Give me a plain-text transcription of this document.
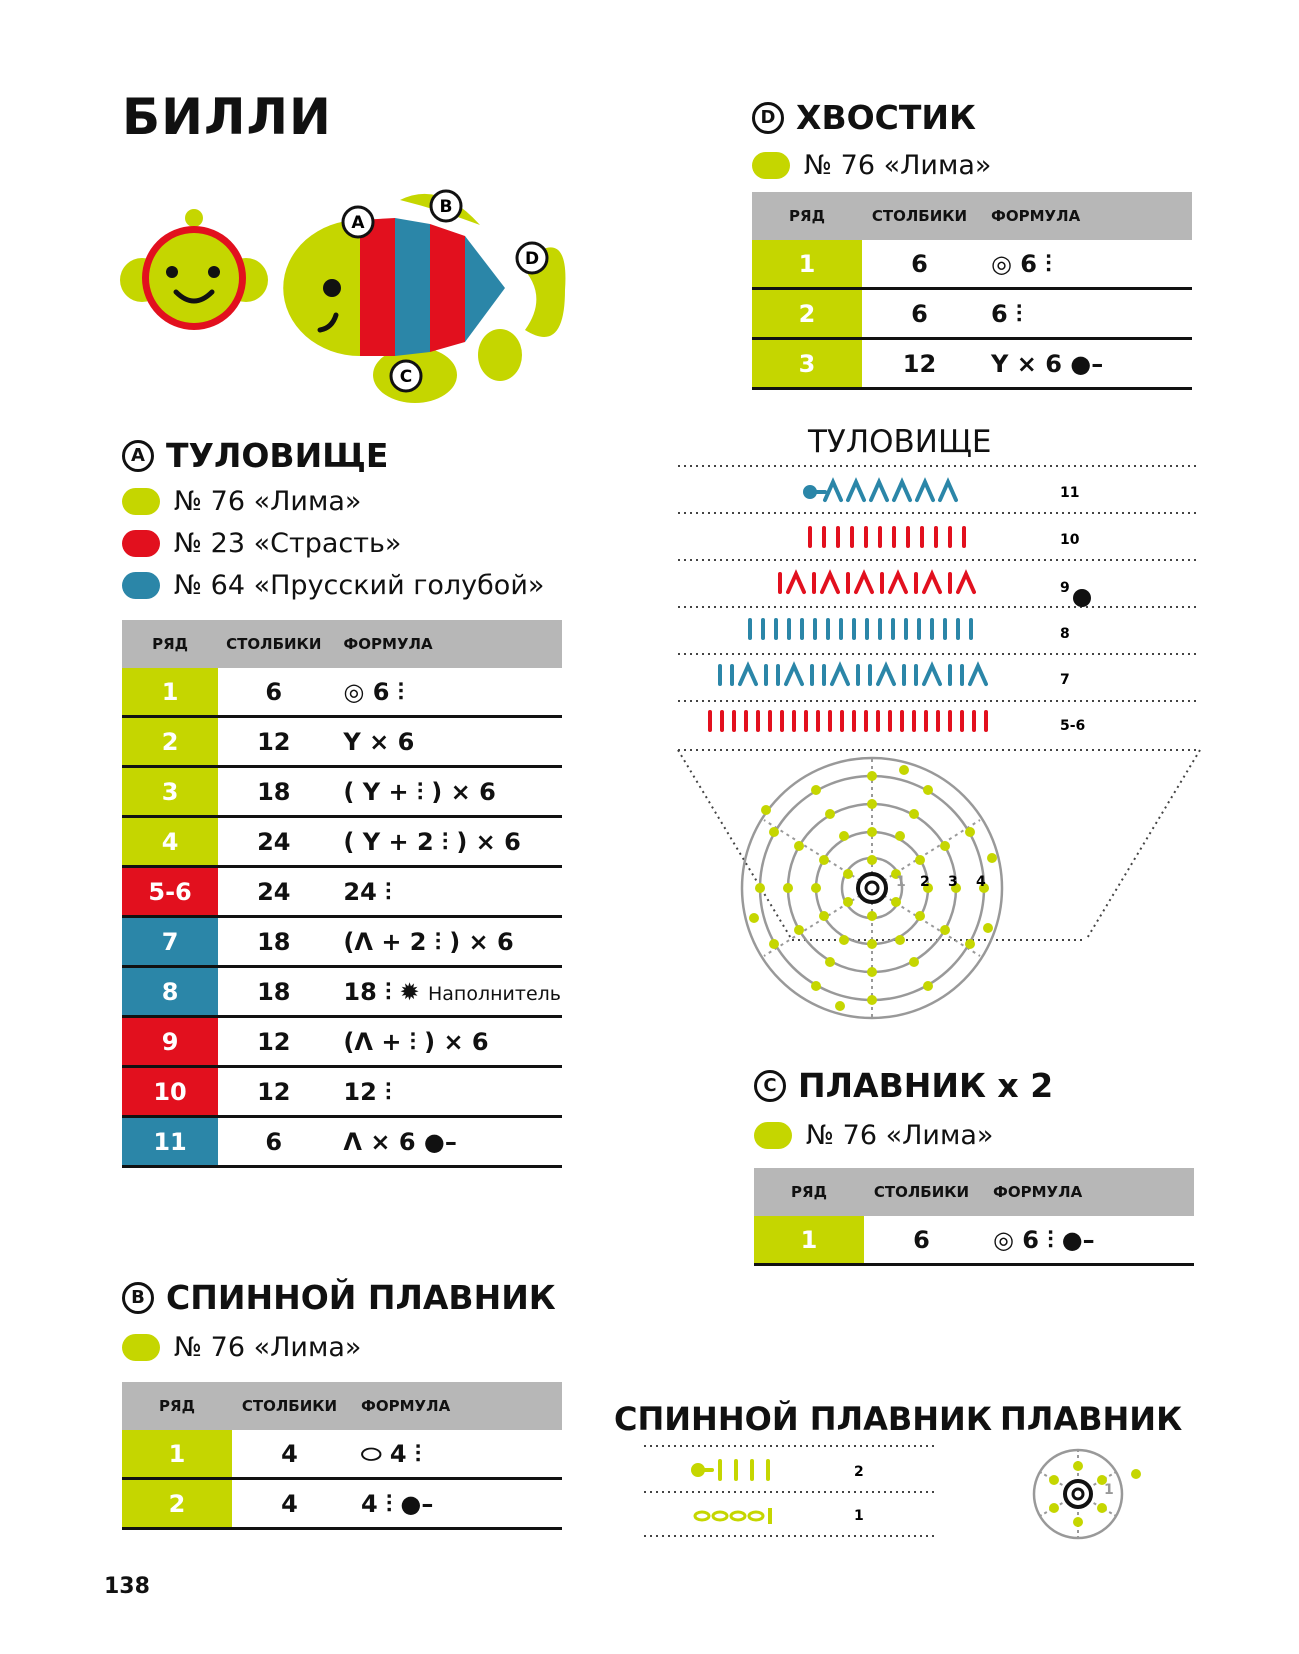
БИЛЛИ
A
B
C
D
A ТУЛОВИЩЕ
№ 76 «Лима»
№ 23 «Страсть»
№ 64 «Прусский голубой»
РЯД	СТОЛБИКИ	ФОРМУЛА
1	6	◎ 6 ⫶
2	12	Y × 6
3	18	( Y + ⫶ ) × 6
4	24	( Y + 2 ⫶ ) × 6
5-6	24	24 ⫶
7	18	(Λ + 2 ⫶ ) × 6
8	18	18 ⫶ ✹ Наполнитель
9	12	(Λ + ⫶ ) × 6
10	12	12 ⫶
11	6	Λ × 6 ●–
B СПИННОЙ ПЛАВНИК
№ 76 «Лима»
РЯД	СТОЛБИКИ	ФОРМУЛА
1	4	⬭ 4 ⫶
2	4	4 ⫶ ●–
D ХВОСТИК
№ 76 «Лима»
РЯД	СТОЛБИКИ	ФОРМУЛА
1	6	◎ 6 ⫶
2	6	6 ⫶
3	12	Y × 6 ●–
ТУЛОВИЩЕ
11
10
9
8
7
5-6
1 2 3 4
C ПЛАВНИК x 2
№ 76 «Лима»
РЯД	СТОЛБИКИ	ФОРМУЛА
1	6	◎ 6 ⫶ ●–
СПИННОЙ ПЛАВНИК
2
1
ПЛАВНИК
1
138
